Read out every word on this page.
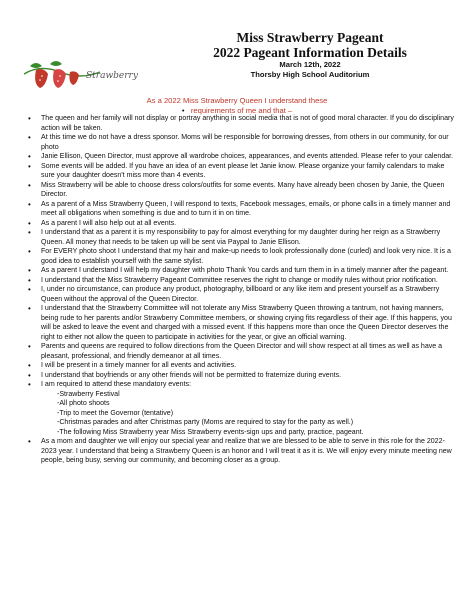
Strawberry

Miss Strawberry Pageant

2022 Pageant Information Details

March 12th, 2022

Thorsby High School Auditorium

As a 2022 Miss Strawberry Queen I understand these

•   requirements of me and that –

• The queen and her family will not display or portray anything in social media that is not of good moral character. If you do disciplinary action will be taken.
• At this time we do not have a dress sponsor. Moms will be responsible for borrowing dresses, from others in our community, for our photo
• Janie Ellison, Queen Director, must approve all wardrobe choices, appearances, and events attended. Please refer to your calendar.
• Some events will be added. If you have an idea of an event please let Janie know. Please organize your family calendars to make sure your daughter doesn't miss more than 4 events.
• Miss Strawberry will be able to choose dress colors/outfits for some events. Many have already been chosen by Janie, the Queen Director.
• As a parent of a Miss Strawberry Queen, I will respond to texts, Facebook messages, emails, or phone calls in a timely manner and meet all obligations when something is due and to turn it in on time.
• As a parent I will also help out at all events.
• I understand that as a parent it is my responsibility to pay for almost everything for my daughter during her reign as a Strawberry Queen. All money that needs to be taken up will be sent via Paypal to Janie Ellison.
• For EVERY photo shoot I understand that my hair and make-up needs to look professionally done (curled) and look very nice. It is a good idea to establish yourself with the same stylist.
• As a parent I understand I will help my daughter with photo Thank You cards and turn them in in a timely manner after the pageant.
• I understand that the Miss Strawberry Pageant Committee reserves the right to change or modify rules without prior notification.
• I, under no circumstance, can produce any product, photography, billboard or any like item and present yourself as a Strawberry Queen without the approval of the Queen Director.
• I understand that the Strawberry Committee will not tolerate any Miss Strawberry Queen throwing a tantrum, not having manners, being rude to her parents and/or Strawberry Committee members, or showing crying fits regardless of their age. If this happens, you will be asked to leave the event and charged with a missed event. If this happens more than once the Queen Director deserves the right to either not allow the queen to participate in activities for the year, or give an official warning.
• Parents and queens are required to follow directions from the Queen Director and will show respect at all times as well as have a pleasant, professional, and friendly demeanor at all times.
• I will be present in a timely manner for all events and activities.
• I understand that boyfriends or any other friends will not be permitted to fraternize during events.
• I am required to attend these mandatory events:
-Strawberry Festival
-All photo shoots
-Trip to meet the Governor (tentative)
-Christmas parades and after Christmas party (Moms are required to stay for the party as well.)
-The following Miss Strawberry year Miss Strawberry events-sign ups and party, practice, pageant.
• As a mom and daughter we will enjoy our special year and realize that we are blessed to be able to serve in this role for the 2022-2023 year. I understand that being a Strawberry Queen is an honor and I will treat it as it is. We will enjoy every minute meeting new people, being busy, serving our community, and becoming closer as a group.
